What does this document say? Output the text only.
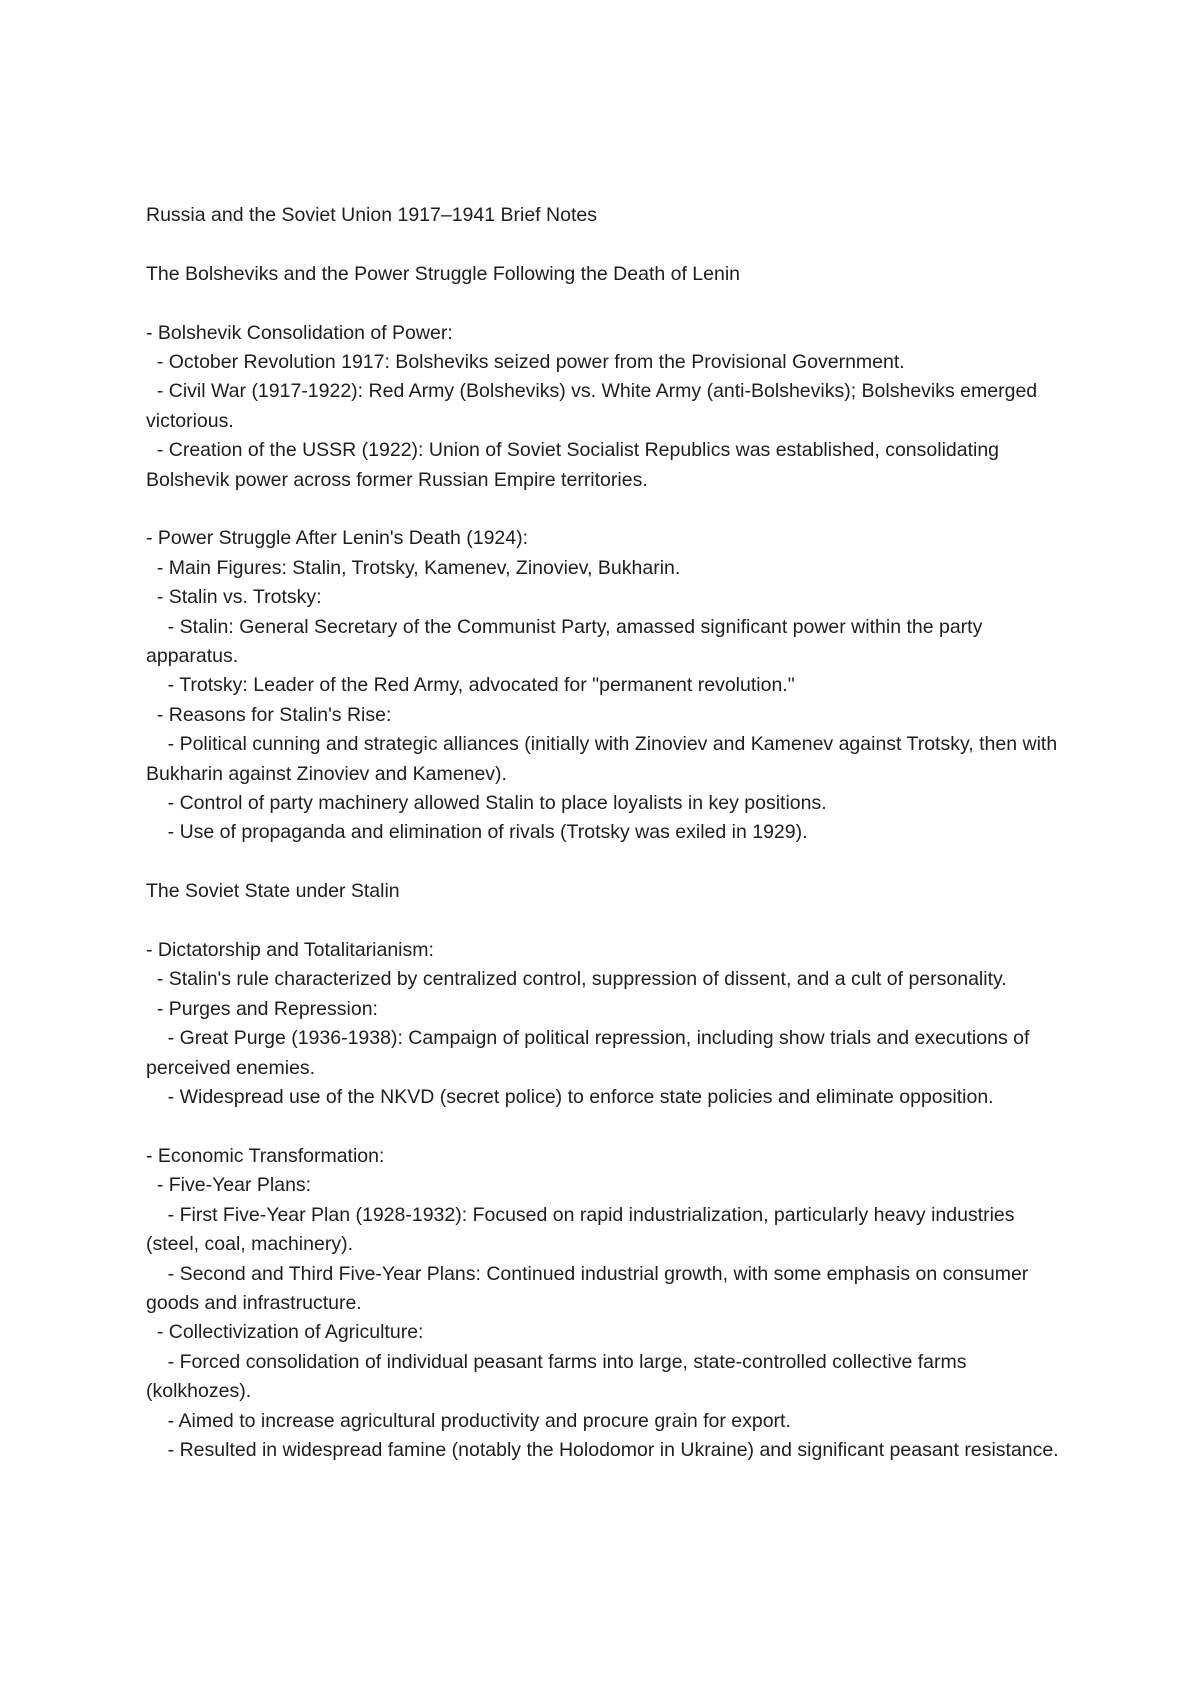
Russia and the Soviet Union 1917–1941 Brief Notes

The Bolsheviks and the Power Struggle Following the Death of Lenin

- Bolshevik Consolidation of Power:

- October Revolution 1917: Bolsheviks seized power from the Provisional Government.

- Civil War (1917-1922): Red Army (Bolsheviks) vs. White Army (anti-Bolsheviks); Bolsheviks emerged victorious.

- Creation of the USSR (1922): Union of Soviet Socialist Republics was established, consolidating Bolshevik power across former Russian Empire territories.

- Power Struggle After Lenin's Death (1924):

- Main Figures: Stalin, Trotsky, Kamenev, Zinoviev, Bukharin.

- Stalin vs. Trotsky:

- Stalin: General Secretary of the Communist Party, amassed significant power within the party apparatus.

- Trotsky: Leader of the Red Army, advocated for "permanent revolution."

- Reasons for Stalin's Rise:

- Political cunning and strategic alliances (initially with Zinoviev and Kamenev against Trotsky, then with Bukharin against Zinoviev and Kamenev).

- Control of party machinery allowed Stalin to place loyalists in key positions.

- Use of propaganda and elimination of rivals (Trotsky was exiled in 1929).

The Soviet State under Stalin

- Dictatorship and Totalitarianism:

- Stalin's rule characterized by centralized control, suppression of dissent, and a cult of personality.

- Purges and Repression:

- Great Purge (1936-1938): Campaign of political repression, including show trials and executions of perceived enemies.

- Widespread use of the NKVD (secret police) to enforce state policies and eliminate opposition.

- Economic Transformation:

- Five-Year Plans:

- First Five-Year Plan (1928-1932): Focused on rapid industrialization, particularly heavy industries (steel, coal, machinery).

- Second and Third Five-Year Plans: Continued industrial growth, with some emphasis on consumer goods and infrastructure.

- Collectivization of Agriculture:

- Forced consolidation of individual peasant farms into large, state-controlled collective farms (kolkhozes).

- Aimed to increase agricultural productivity and procure grain for export.

- Resulted in widespread famine (notably the Holodomor in Ukraine) and significant peasant resistance.
